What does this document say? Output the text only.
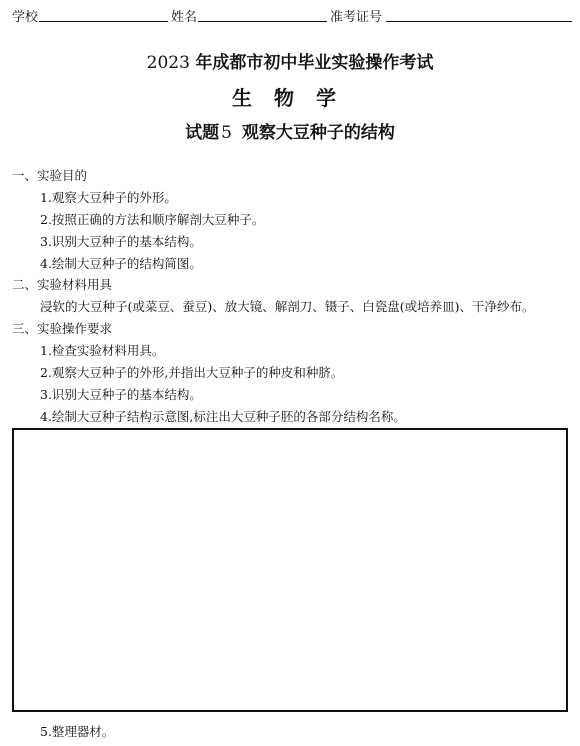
学校	姓名	准考证号
2023 年成都市初中毕业实验操作考试
生物学
试题 5 观察大豆种子的结构
一、实验目的
1.观察大豆种子的外形。
2.按照正确的方法和顺序解剖大豆种子。
3.识别大豆种子的基本结构。
4.绘制大豆种子的结构简图。
二、实验材料用具
浸软的大豆种子(或菜豆、蚕豆)、放大镜、解剖刀、镊子、白瓷盘(或培养皿)、干净纱布。
三、实验操作要求
1.检查实验材料用具。
2.观察大豆种子的外形,并指出大豆种子的种皮和种脐。
3.识别大豆种子的基本结构。
4.绘制大豆种子结构示意图,标注出大豆种子胚的各部分结构名称。
5.整理器材。
